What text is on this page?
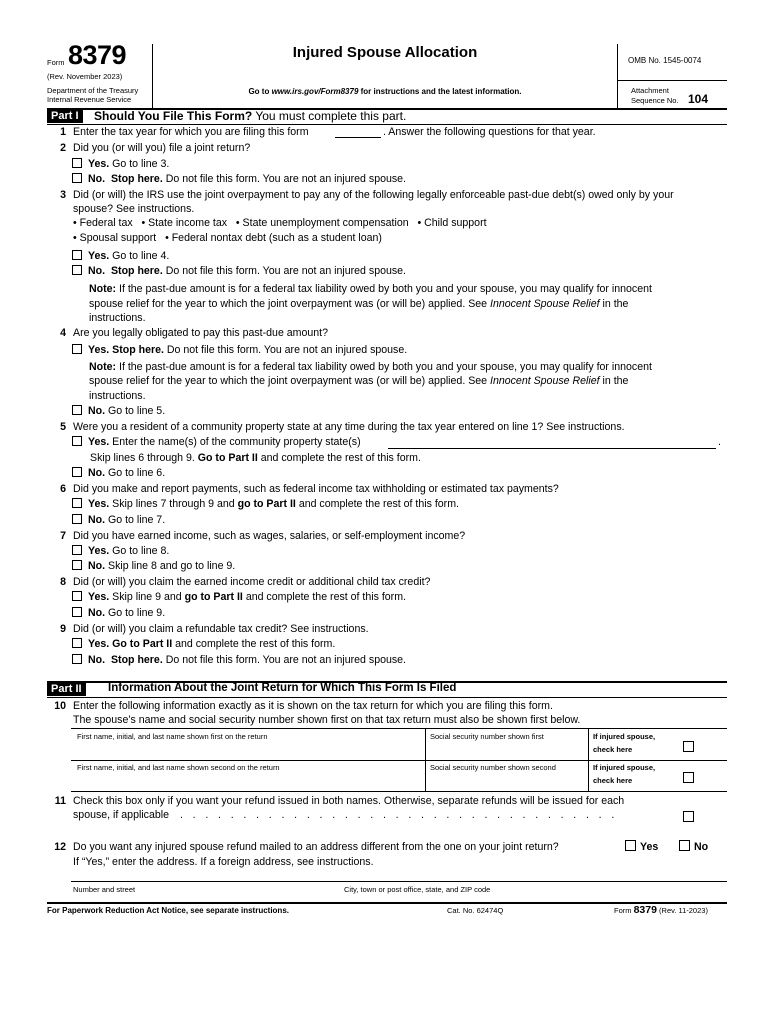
Form 8379
(Rev. November 2023)
Department of the Treasury
Internal Revenue Service
Injured Spouse Allocation
Go to www.irs.gov/Form8379 for instructions and the latest information.
OMB No. 1545-0074
Attachment
Sequence No. 104
Part I	Should You File This Form? You must complete this part.
1 Enter the tax year for which you are filing this form	. Answer the following questions for that year.
2 Did you (or will you) file a joint return?
Yes. Go to line 3.
No. Stop here. Do not file this form. You are not an injured spouse.
3 Did (or will) the IRS use the joint overpayment to pay any of the following legally enforceable past-due debt(s) owed only by your
spouse? See instructions.
• Federal tax • State income tax • State unemployment compensation • Child support
• Spousal support • Federal nontax debt (such as a student loan)
Yes. Go to line 4.
No. Stop here. Do not file this form. You are not an injured spouse.
Note: If the past-due amount is for a federal tax liability owed by both you and your spouse, you may qualify for innocent
spouse relief for the year to which the joint overpayment was (or will be) applied. See Innocent Spouse Relief in the
instructions.
4 Are you legally obligated to pay this past-due amount?
Yes. Stop here. Do not file this form. You are not an injured spouse.
Note: If the past-due amount is for a federal tax liability owed by both you and your spouse, you may qualify for innocent
spouse relief for the year to which the joint overpayment was (or will be) applied. See Innocent Spouse Relief in the
instructions.
No. Go to line 5.
5 Were you a resident of a community property state at any time during the tax year entered on line 1? See instructions.
Yes. Enter the name(s) of the community property state(s)	.
Skip lines 6 through 9. Go to Part II and complete the rest of this form.
No. Go to line 6.
6 Did you make and report payments, such as federal income tax withholding or estimated tax payments?
Yes. Skip lines 7 through 9 and go to Part II and complete the rest of this form.
No. Go to line 7.
7 Did you have earned income, such as wages, salaries, or self-employment income?
Yes. Go to line 8.
No. Skip line 8 and go to line 9.
8 Did (or will) you claim the earned income credit or additional child tax credit?
Yes. Skip line 9 and go to Part II and complete the rest of this form.
No. Go to line 9.
9 Did (or will) you claim a refundable tax credit? See instructions.
Yes. Go to Part II and complete the rest of this form.
No. Stop here. Do not file this form. You are not an injured spouse.
Part II	Information About the Joint Return for Which This Form Is Filed
10 Enter the following information exactly as it is shown on the tax return for which you are filing this form.
The spouse’s name and social security number shown first on that tax return must also be shown first below.
First name, initial, and last name shown first on the return	Social security number shown first	If injured spouse,
check here
First name, initial, and last name shown second on the return	Social security number shown second	If injured spouse,
check here
11 Check this box only if you want your refund issued in both names. Otherwise, separate refunds will be issued for each
spouse, if applicable . . . . . . . . . . . . . . . . . . . . . . . . . . . . . . . . . . .
12 Do you want any injured spouse refund mailed to an address different from the one on your joint return?
If “Yes,” enter the address. If a foreign address, see instructions.
Yes	No
Number and street	City, town or post office, state, and ZIP code
For Paperwork Reduction Act Notice, see separate instructions.	Cat. No. 62474Q	Form 8379 (Rev. 11-2023)
